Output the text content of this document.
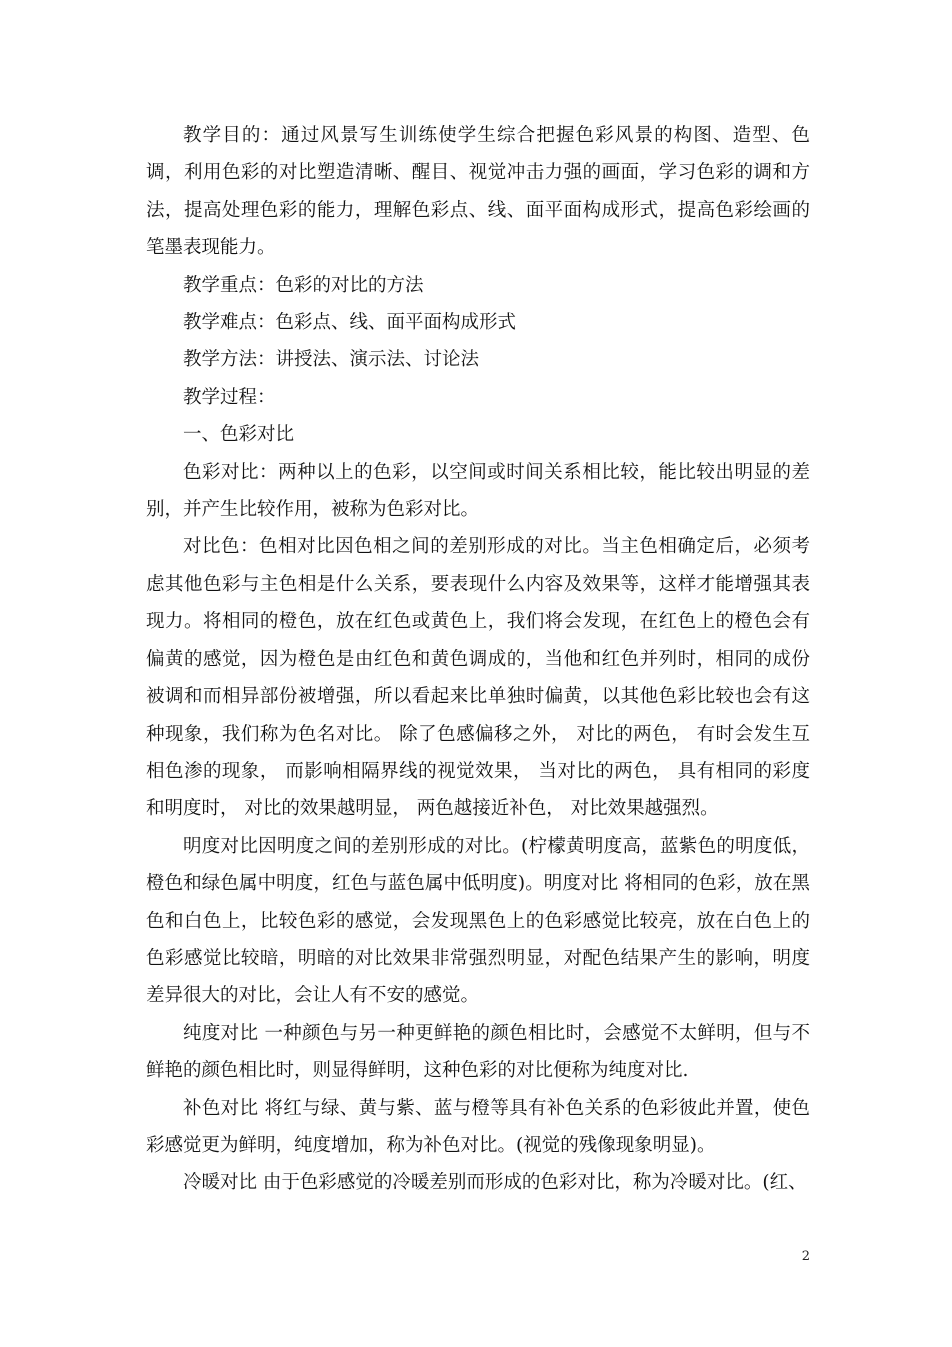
教学目的：通过风景写生训练使学生综合把握色彩风景的构图、造型、色调，利用色彩的对比塑造清晰、醒目、视觉冲击力强的画面，学习色彩的调和方法，提高处理色彩的能力，理解色彩点、线、面平面构成形式，提高色彩绘画的笔墨表现能力。

教学重点：色彩的对比的方法

教学难点：色彩点、线、面平面构成形式

教学方法：讲授法、演示法、讨论法

教学过程：

一、色彩对比

色彩对比：两种以上的色彩，以空间或时间关系相比较，能比较出明显的差别，并产生比较作用，被称为色彩对比。

对比色：色相对比因色相之间的差别形成的对比。当主色相确定后，必须考虑其他色彩与主色相是什么关系，要表现什么内容及效果等，这样才能增强其表现力。将相同的橙色，放在红色或黄色上，我们将会发现，在红色上的橙色会有偏黄的感觉，因为橙色是由红色和黄色调成的，当他和红色并列时，相同的成份被调和而相异部份被增强，所以看起来比单独时偏黄，以其他色彩比较也会有这种现象，我们称为色名对比。 除了色感偏移之外， 对比的两色， 有时会发生互相色渗的现象， 而影响相隔界线的视觉效果， 当对比的两色， 具有相同的彩度和明度时， 对比的效果越明显， 两色越接近补色， 对比效果越强烈。

明度对比因明度之间的差别形成的对比。(柠檬黄明度高，蓝紫色的明度低，橙色和绿色属中明度，红色与蓝色属中低明度)。明度对比 将相同的色彩，放在黑色和白色上，比较色彩的感觉，会发现黑色上的色彩感觉比较亮，放在白色上的色彩感觉比较暗，明暗的对比效果非常强烈明显，对配色结果产生的影响，明度差异很大的对比，会让人有不安的感觉。

纯度对比 一种颜色与另一种更鲜艳的颜色相比时，会感觉不太鲜明，但与不鲜艳的颜色相比时，则显得鲜明，这种色彩的对比便称为纯度对比.

补色对比 将红与绿、黄与紫、蓝与橙等具有补色关系的色彩彼此并置，使色彩感觉更为鲜明，纯度增加，称为补色对比。(视觉的残像现象明显)。

冷暖对比 由于色彩感觉的冷暖差别而形成的色彩对比，称为冷暖对比。(红、

2
